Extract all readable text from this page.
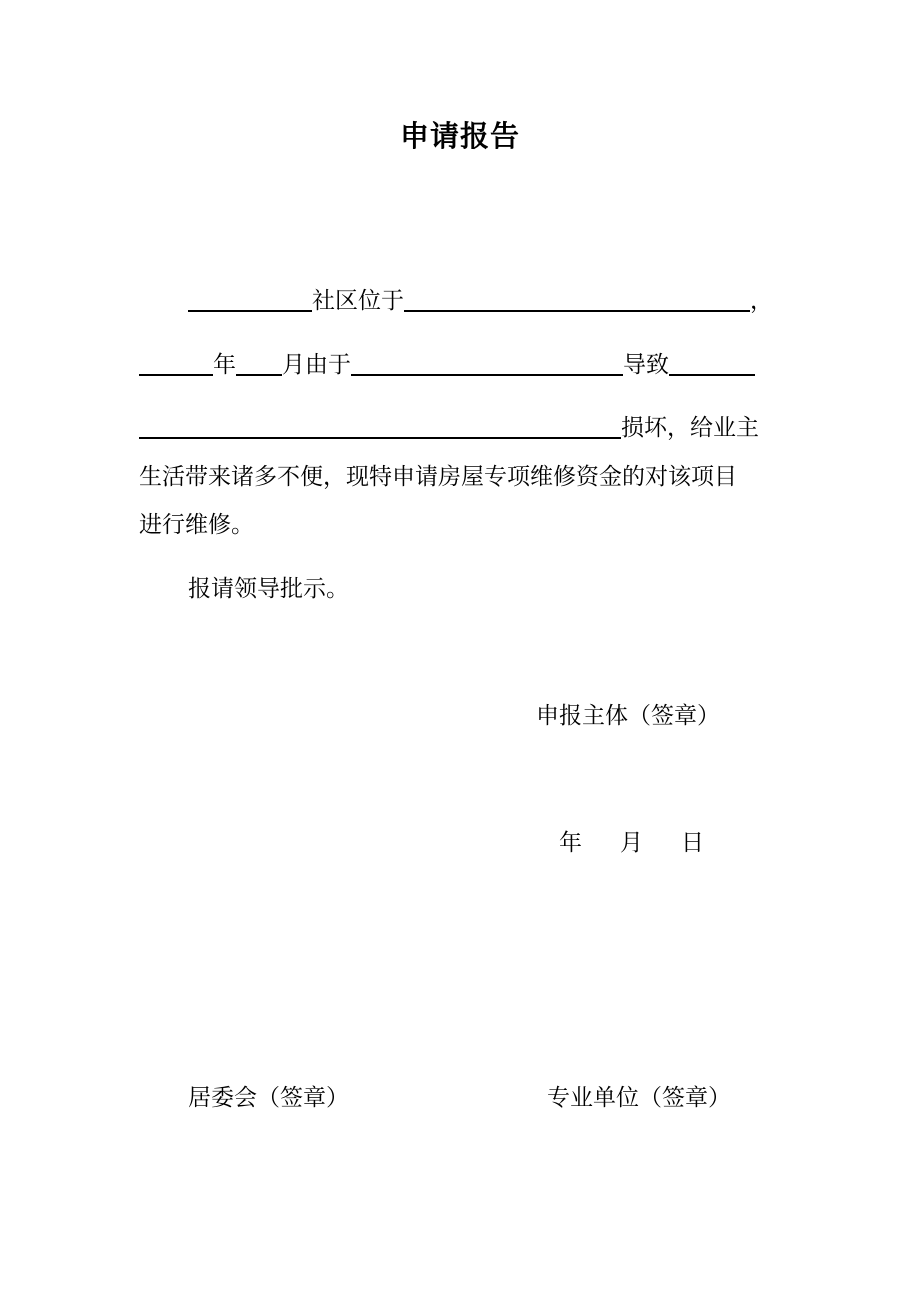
申请报告
社区位于	，
年 月由于	导致
损坏，给业主
生活带来诸多不便，现特申请房屋专项维修资金的对该项目
进行维修。
报请领导批示。
申报主体（签章）
年 月 日
居委会（签章）	专业单位（签章）
